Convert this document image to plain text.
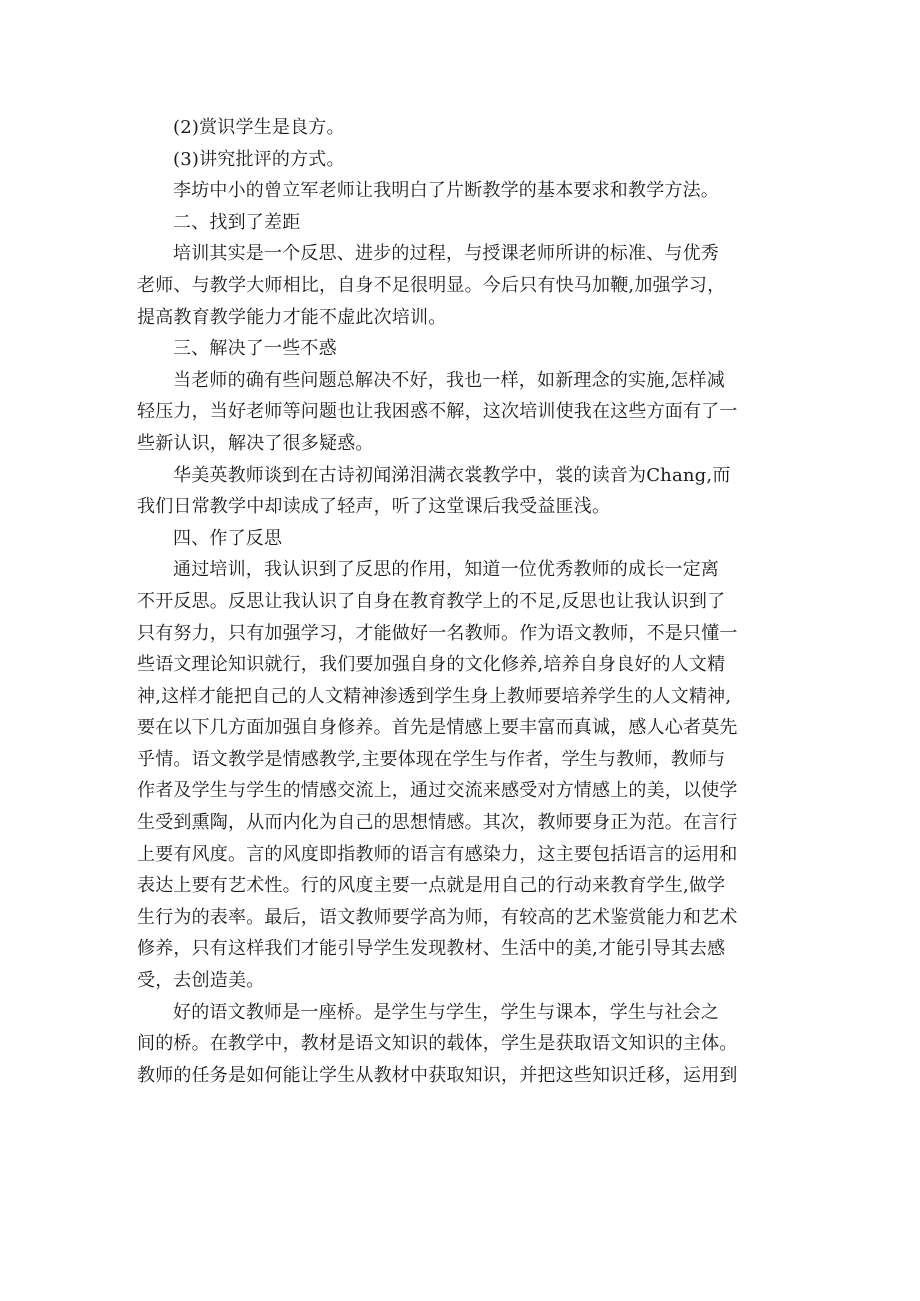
(2)赏识学生是良方。
(3)讲究批评的方式。
李坊中小的曾立军老师让我明白了片断教学的基本要求和教学方法。
二、找到了差距
培训其实是一个反思、进步的过程，与授课老师所讲的标准、与优秀
老师、与教学大师相比，自身不足很明显。今后只有快马加鞭,加强学习，
提高教育教学能力才能不虚此次培训。
三、解决了一些不惑
当老师的确有些问题总解决不好，我也一样，如新理念的实施,怎样减
轻压力，当好老师等问题也让我困惑不解，这次培训使我在这些方面有了一
些新认识，解决了很多疑惑。
华美英教师谈到在古诗初闻涕泪满衣裳教学中，裳的读音为Chang,而
我们日常教学中却读成了轻声，听了这堂课后我受益匪浅。
四、作了反思
通过培训，我认识到了反思的作用，知道一位优秀教师的成长一定离
不开反思。反思让我认识了自身在教育教学上的不足,反思也让我认识到了
只有努力，只有加强学习，才能做好一名教师。作为语文教师，不是只懂一
些语文理论知识就行，我们要加强自身的文化修养,培养自身良好的人文精
神,这样才能把自己的人文精神渗透到学生身上教师要培养学生的人文精神,
要在以下几方面加强自身修养。首先是情感上要丰富而真诚，感人心者莫先
乎情。语文教学是情感教学,主要体现在学生与作者，学生与教师，教师与
作者及学生与学生的情感交流上，通过交流来感受对方情感上的美，以使学
生受到熏陶，从而内化为自己的思想情感。其次，教师要身正为范。在言行
上要有风度。言的风度即指教师的语言有感染力，这主要包括语言的运用和
表达上要有艺术性。行的风度主要一点就是用自己的行动来教育学生,做学
生行为的表率。最后，语文教师要学高为师，有较高的艺术鉴赏能力和艺术
修养，只有这样我们才能引导学生发现教材、生活中的美,才能引导其去感
受，去创造美。
好的语文教师是一座桥。是学生与学生，学生与课本，学生与社会之
间的桥。在教学中，教材是语文知识的载体，学生是获取语文知识的主体。
教师的任务是如何能让学生从教材中获取知识，并把这些知识迁移，运用到
